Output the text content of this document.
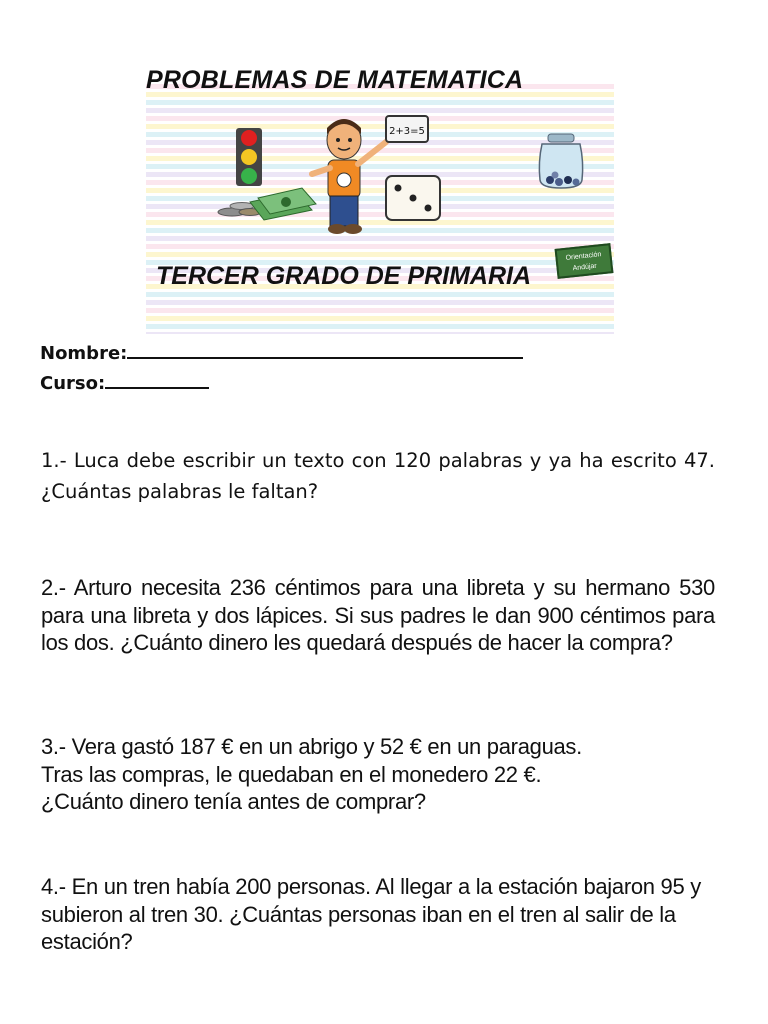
2+3=5
PROBLEMAS DE MATEMATICA
TERCER GRADO DE PRIMARIA
Orientación
Andújar
Nombre:
Curso:
1.- Luca debe escribir un texto con 120 palabras y ya ha escrito 47. ¿Cuántas palabras le faltan?
2.- Arturo necesita 236 céntimos para una libreta y su hermano 530 para una libreta y dos lápices. Si sus padres le dan 900 céntimos para los dos. ¿Cuánto dinero les quedará después de hacer la compra?
3.- Vera gastó 187 € en un abrigo y 52 € en un paraguas.
Tras las compras, le quedaban en el monedero 22 €.
¿Cuánto dinero tenía antes de comprar?
4.- En un tren había 200 personas. Al llegar a la estación bajaron 95 y subieron al tren 30. ¿Cuántas personas iban en el tren al salir de la estación?
